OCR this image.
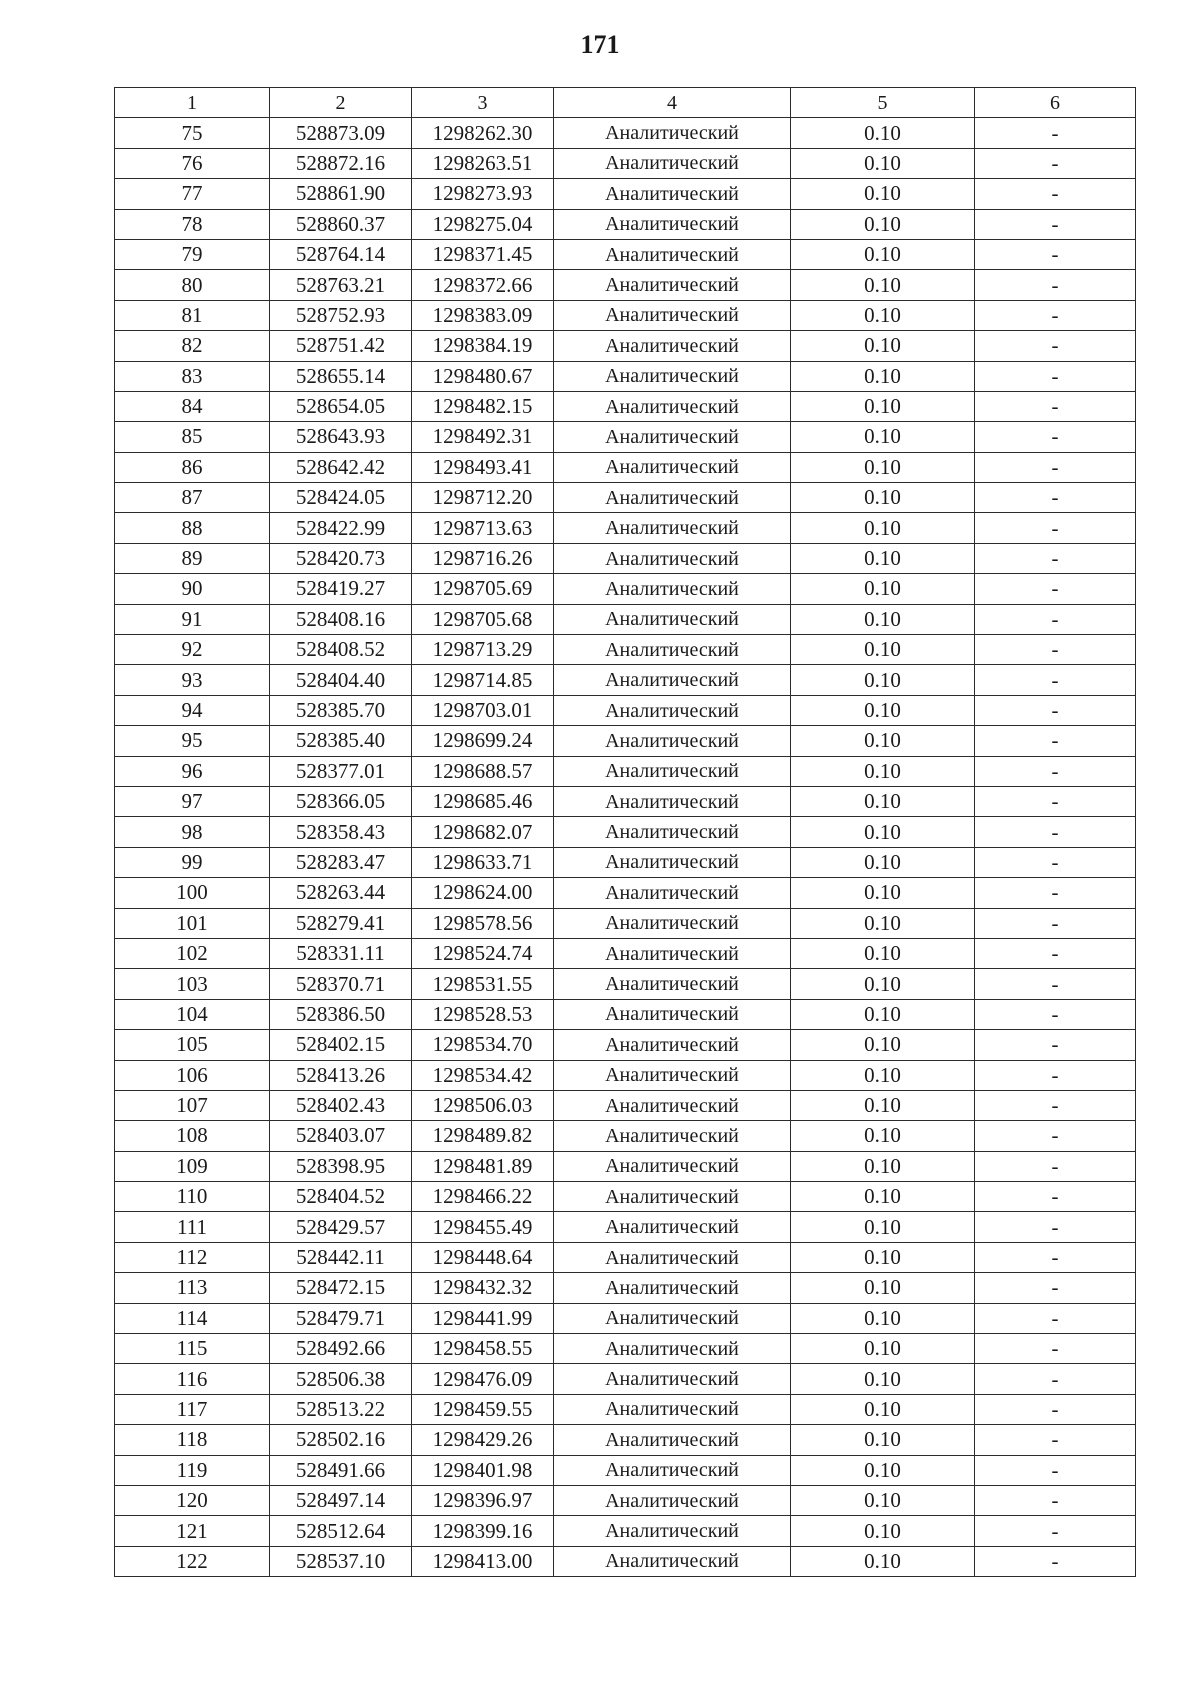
171
1	2	3	4	5	6
75	528873.09	1298262.30	Аналитический	0.10	-
76	528872.16	1298263.51	Аналитический	0.10	-
77	528861.90	1298273.93	Аналитический	0.10	-
78	528860.37	1298275.04	Аналитический	0.10	-
79	528764.14	1298371.45	Аналитический	0.10	-
80	528763.21	1298372.66	Аналитический	0.10	-
81	528752.93	1298383.09	Аналитический	0.10	-
82	528751.42	1298384.19	Аналитический	0.10	-
83	528655.14	1298480.67	Аналитический	0.10	-
84	528654.05	1298482.15	Аналитический	0.10	-
85	528643.93	1298492.31	Аналитический	0.10	-
86	528642.42	1298493.41	Аналитический	0.10	-
87	528424.05	1298712.20	Аналитический	0.10	-
88	528422.99	1298713.63	Аналитический	0.10	-
89	528420.73	1298716.26	Аналитический	0.10	-
90	528419.27	1298705.69	Аналитический	0.10	-
91	528408.16	1298705.68	Аналитический	0.10	-
92	528408.52	1298713.29	Аналитический	0.10	-
93	528404.40	1298714.85	Аналитический	0.10	-
94	528385.70	1298703.01	Аналитический	0.10	-
95	528385.40	1298699.24	Аналитический	0.10	-
96	528377.01	1298688.57	Аналитический	0.10	-
97	528366.05	1298685.46	Аналитический	0.10	-
98	528358.43	1298682.07	Аналитический	0.10	-
99	528283.47	1298633.71	Аналитический	0.10	-
100	528263.44	1298624.00	Аналитический	0.10	-
101	528279.41	1298578.56	Аналитический	0.10	-
102	528331.11	1298524.74	Аналитический	0.10	-
103	528370.71	1298531.55	Аналитический	0.10	-
104	528386.50	1298528.53	Аналитический	0.10	-
105	528402.15	1298534.70	Аналитический	0.10	-
106	528413.26	1298534.42	Аналитический	0.10	-
107	528402.43	1298506.03	Аналитический	0.10	-
108	528403.07	1298489.82	Аналитический	0.10	-
109	528398.95	1298481.89	Аналитический	0.10	-
110	528404.52	1298466.22	Аналитический	0.10	-
111	528429.57	1298455.49	Аналитический	0.10	-
112	528442.11	1298448.64	Аналитический	0.10	-
113	528472.15	1298432.32	Аналитический	0.10	-
114	528479.71	1298441.99	Аналитический	0.10	-
115	528492.66	1298458.55	Аналитический	0.10	-
116	528506.38	1298476.09	Аналитический	0.10	-
117	528513.22	1298459.55	Аналитический	0.10	-
118	528502.16	1298429.26	Аналитический	0.10	-
119	528491.66	1298401.98	Аналитический	0.10	-
120	528497.14	1298396.97	Аналитический	0.10	-
121	528512.64	1298399.16	Аналитический	0.10	-
122	528537.10	1298413.00	Аналитический	0.10	-
